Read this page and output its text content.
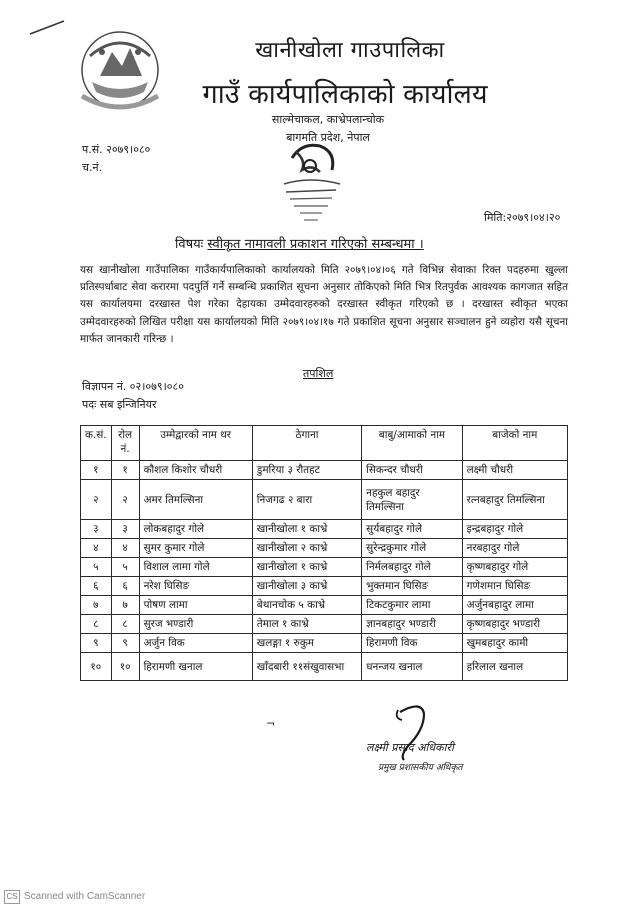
खानीखोला गाउपालिका
गाउँ कार्यपालिकाको कार्यालय
साल्मेचाकल, काभ्रेपलान्चोक
बागमति प्रदेश, नेपाल
प.सं. २०७९।०८०
च.नं.
मिति:२०७९।०४।२०
विषयः स्वीकृत नामावली प्रकाशन गरिएको सम्बन्धमा ।
यस खानीखोला गाउँपालिका गाउँकार्यपालिकाको कार्यालयको मिति २०७९।०४।०६ गते विभिन्न सेवाका रिक्त पदहरुमा खुल्ला प्रतिस्पर्धाबाट सेवा करारमा पदपुर्ति गर्ने सम्बन्धि प्रकाशित सूचना अनुसार तोकिएको मिति भित्र रितपुर्वक आवश्यक कागजात सहित यस कार्यालयमा दरखास्त पेश गरेका देहायका उम्मेदवारहरुको दरखास्त स्वीकृत गरिएको छ । दरखास्त स्वीकृत भएका उम्मेदवारहरुको लिखित परीक्षा यस कार्यालयको मिति २०७९।०४।१७ गते प्रकाशित सूचना अनुसार सञ्चालन हुने व्यहोरा यसै सूचना मार्फत जानकारी गरिन्छ ।
तपशिल
विज्ञापन नं. ०२।०७९।०८०
पदः सब इन्जिनियर
क.सं.	रोल नं.	उम्मेद्वारको नाम थर	ठेगाना	बाबु/आमाको नाम	बाजेको नाम
१	१	कौशल किशोर चौधरी	डुमरिया ३ रौतहट	सिकन्दर चौधरी	लक्ष्मी चौधरी
२	२	अमर तिमल्सिना	निजगढ २ बारा	नहकुल बहादुर तिमल्सिना	रत्नबहादुर तिमल्सिना
३	३	लोकबहादुर गोले	खानीखोला १ काभ्रे	सुर्यबहादुर गोले	इन्द्रबहादुर गोले
४	४	सुमर कुमार गोले	खानीखोला २ काभ्रे	सुरेन्द्रकुमार गोले	नरबहादुर गोले
५	५	विशाल लामा गोले	खानीखोला १ काभ्रे	निर्मलबहादुर गोले	कृष्णबहादुर गोले
६	६	नरेश घिसिङ	खानीखोला ३ काभ्रे	भुक्तमान घिसिङ	गणेशमान घिसिङ
७	७	पोषण लामा	बेथानचोक ५ काभ्रे	टिकटकुमार लामा	अर्जुनबहादुर लामा
८	८	सुरज भण्डारी	तेमाल १ काभ्रे	ज्ञानबहादुर भण्डारी	कृष्णबहादुर भण्डारी
९	९	अर्जुन विक	खलङ्गा १ रुकुम	हिरामणी विक	खुमबहादुर कामी
१०	१०	हिरामणी खनाल	खाँदबारी ११संखुवासभा	धनन्जय खनाल	हरिलाल खनाल
लक्ष्मी प्रसाद अधिकारी
प्रमुख प्रशासकीय अधिकृत
¬
CS Scanned with CamScanner
